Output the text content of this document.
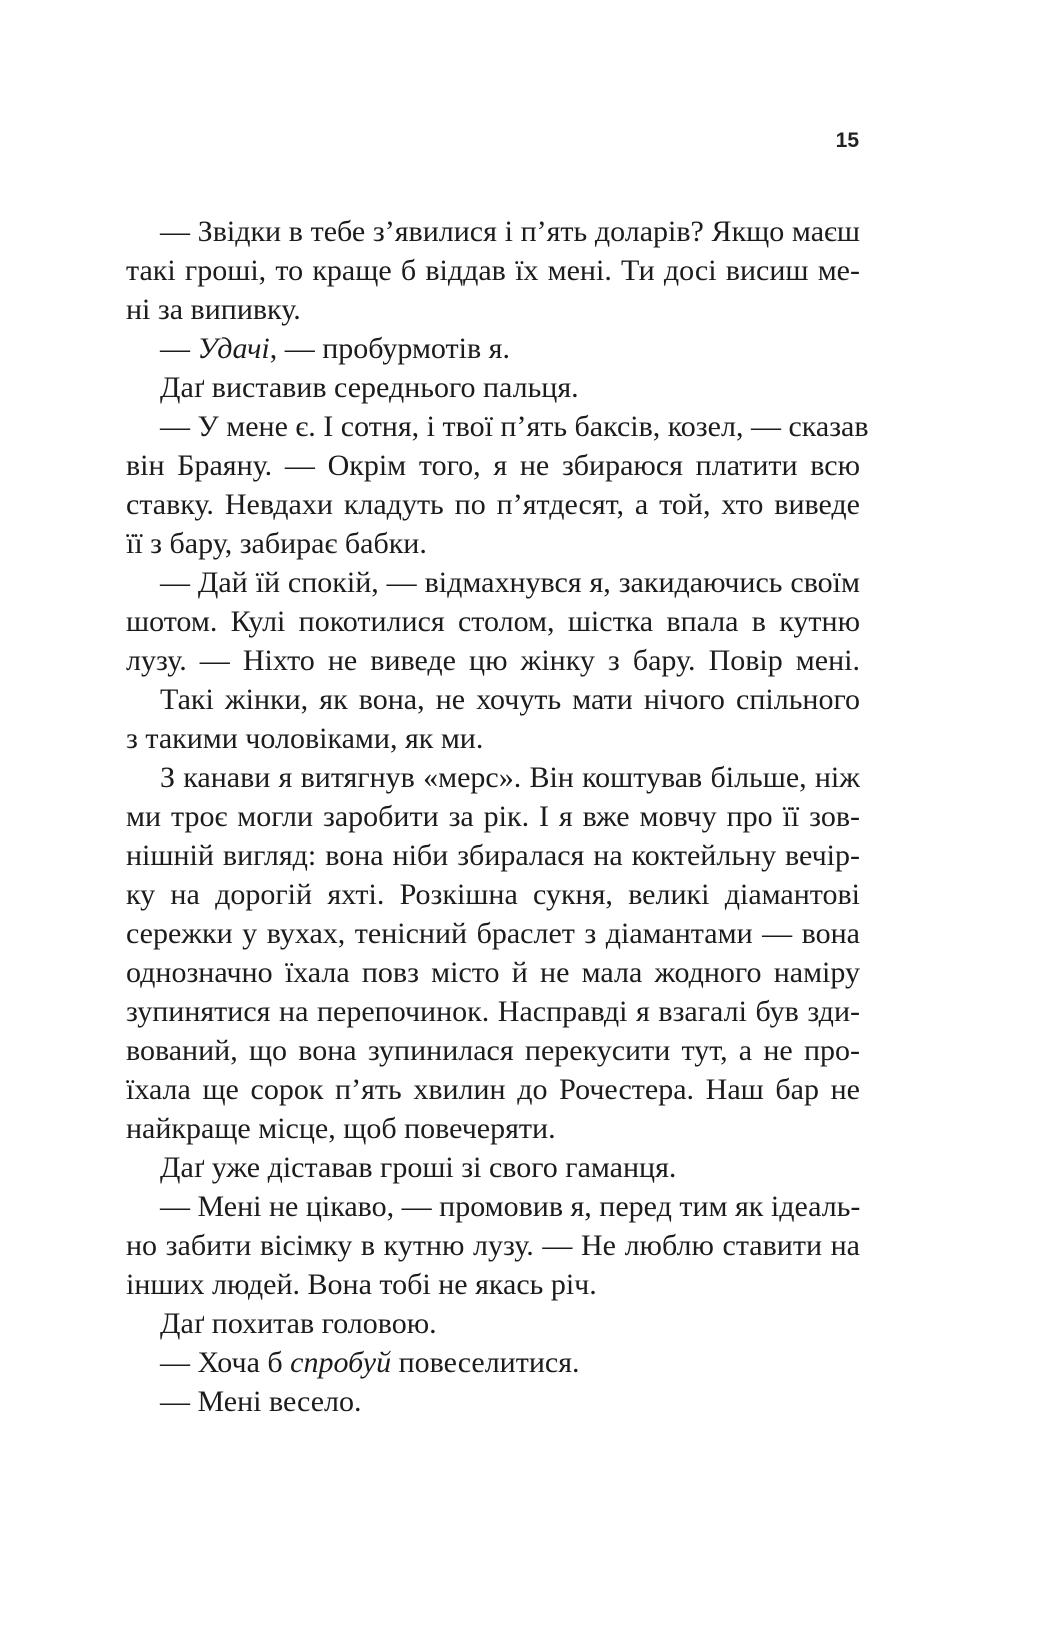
15
— Звідки в тебе з’явилися і п’ять доларів? Якщо маєш
такі гроші, то краще б віддав їх мені. Ти досі висиш ме-
ні за випивку.
— Удачі, — пробурмотів я.
Даґ виставив середнього пальця.
— У мене є. І сотня, і твої п’ять баксів, козел, — сказав
він Браяну. — Окрім того, я не збираюся платити всю
ставку. Невдахи кладуть по п’ятдесят, а той, хто виведе
її з бару, забирає бабки.
— Дай їй спокій, — відмахнувся я, закидаючись своїм
шотом. Кулі покотилися столом, шістка впала в кутню
лузу. — Ніхто не виведе цю жінку з бару. Повір мені.
Такі жінки, як вона, не хочуть мати нічого спільного
з такими чоловіками, як ми.
З канави я витягнув «мерс». Він коштував більше, ніж
ми троє могли заробити за рік. І я вже мовчу про її зов-
нішній вигляд: вона ніби збиралася на коктейльну вечір-
ку на дорогій яхті. Розкішна сукня, великі діамантові
сережки у вухах, тенісний браслет з діамантами — вона
однозначно їхала повз місто й не мала жодного наміру
зупинятися на перепочинок. Насправді я взагалі був зди-
вований, що вона зупинилася перекусити тут, а не про-
їхала ще сорок п’ять хвилин до Рочестера. Наш бар не
найкраще місце, щоб повечеряти.
Даґ уже діставав гроші зі свого гаманця.
— Мені не цікаво, — промовив я, перед тим як ідеаль-
но забити вісімку в кутню лузу. — Не люблю ставити на
інших людей. Вона тобі не якась річ.
Даґ похитав головою.
— Хоча б спробуй повеселитися.
— Мені весело.
